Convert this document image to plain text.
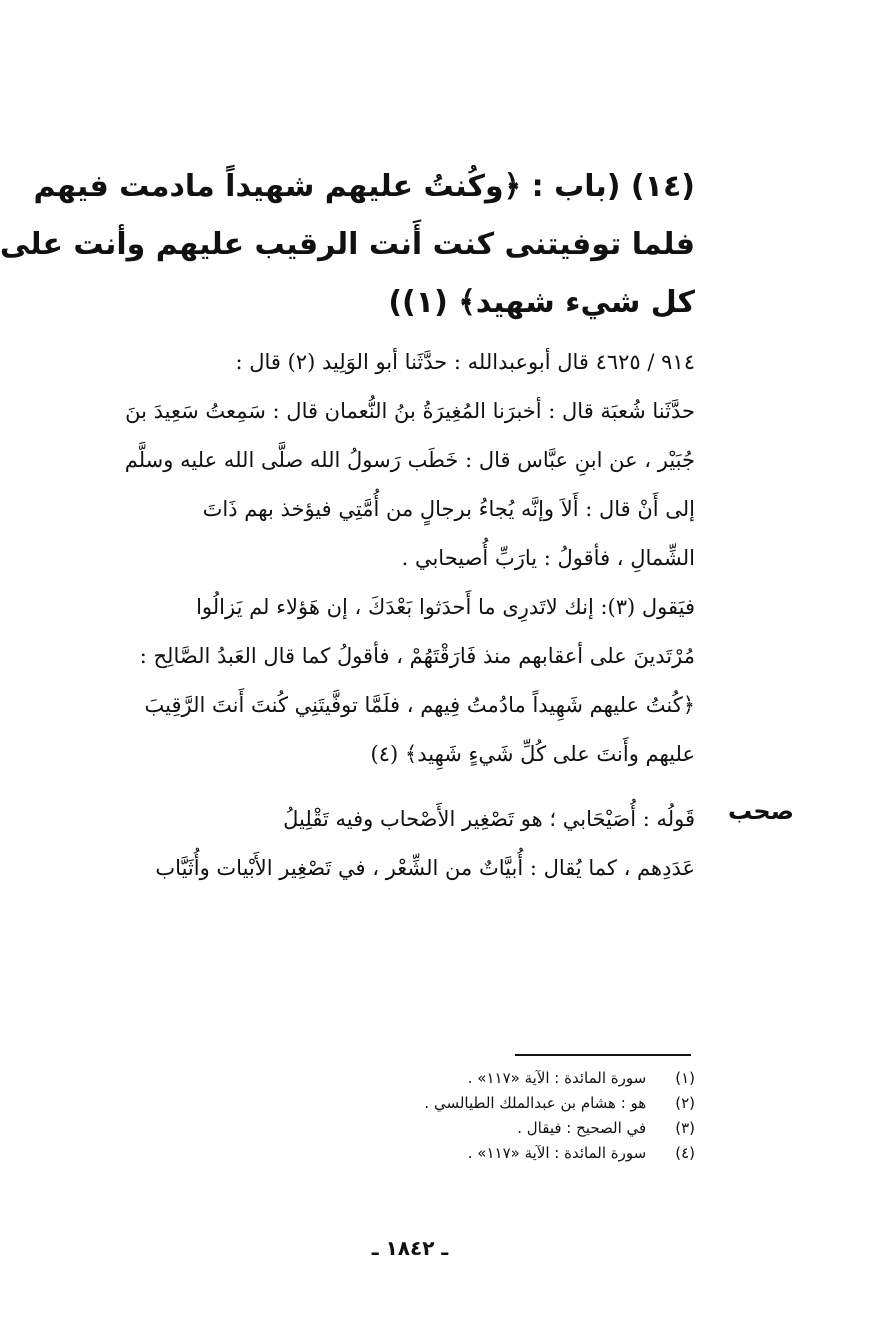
(١٤) (باب : ﴿وكُنتُ عليهم شهيداً مادمت فيهم
فلما توفيتنى كنت أَنت الرقيب عليهم وأنت على
كل شيء شهيد﴾ (١))
٩١٤ / ٤٦٢٥ قال أبوعبدالله : حدَّثَنا أبو الوَلِيد (٢) قال :
حدَّثَنا شُعبَة قال : أخبرَنا المُغِيرَةُ بنُ النُّعمان قال : سَمِعتُ سَعِيدَ بنَ
جُبَيْر ، عن ابنِ عبَّاس قال : خَطَب رَسولُ الله صلَّى الله عليه وسلَّم
إلى أَنْ قال : أَلاَ وإنَّه يُجاءُ برجالٍ من أُمَّتِي فيؤخذ بهم ذَاتَ
الشِّمالِ ، فأقولُ : يارَبِّ أُصيحابي .
فيَقول (٣): إنك لاتَدرِى ما أَحدَثوا بَعْدَكَ ، إن هَؤلاء لم يَزالُوا
مُرْتَدينَ على أعقابهم منذ فَارَقْتَهُمْ ، فأقولُ كما قال العَبدُ الصَّالِح :
﴿كُنتُ عليهم شَهِيداً مادُمتُ فِيهم ، فلَمَّا توفَّيتَنِي كُنتَ أَنتَ الرَّقِيبَ
عليهم وأَنتَ على كُلِّ شَيءٍ شَهِيد﴾ (٤)
صحب
قَولُه : أُصَيْحَابي ؛ هو تَصْغِير الأَصْحاب وفيه تَقْلِيلُ
عَدَدِهم ، كما يُقال : أُبيَّاتٌ من الشِّعْر ، في تَصْغِير الأَبْيات وأُثَيَّاب
(١) سورة المائدة : الآية «١١٧» .
(٢) هو : هشام بن عبدالملك الطيالسي .
(٣) في الصحيح : فيقال .
(٤) سورة المائدة : الآية «١١٧» .
ـ ١٨٤٢ ـ
